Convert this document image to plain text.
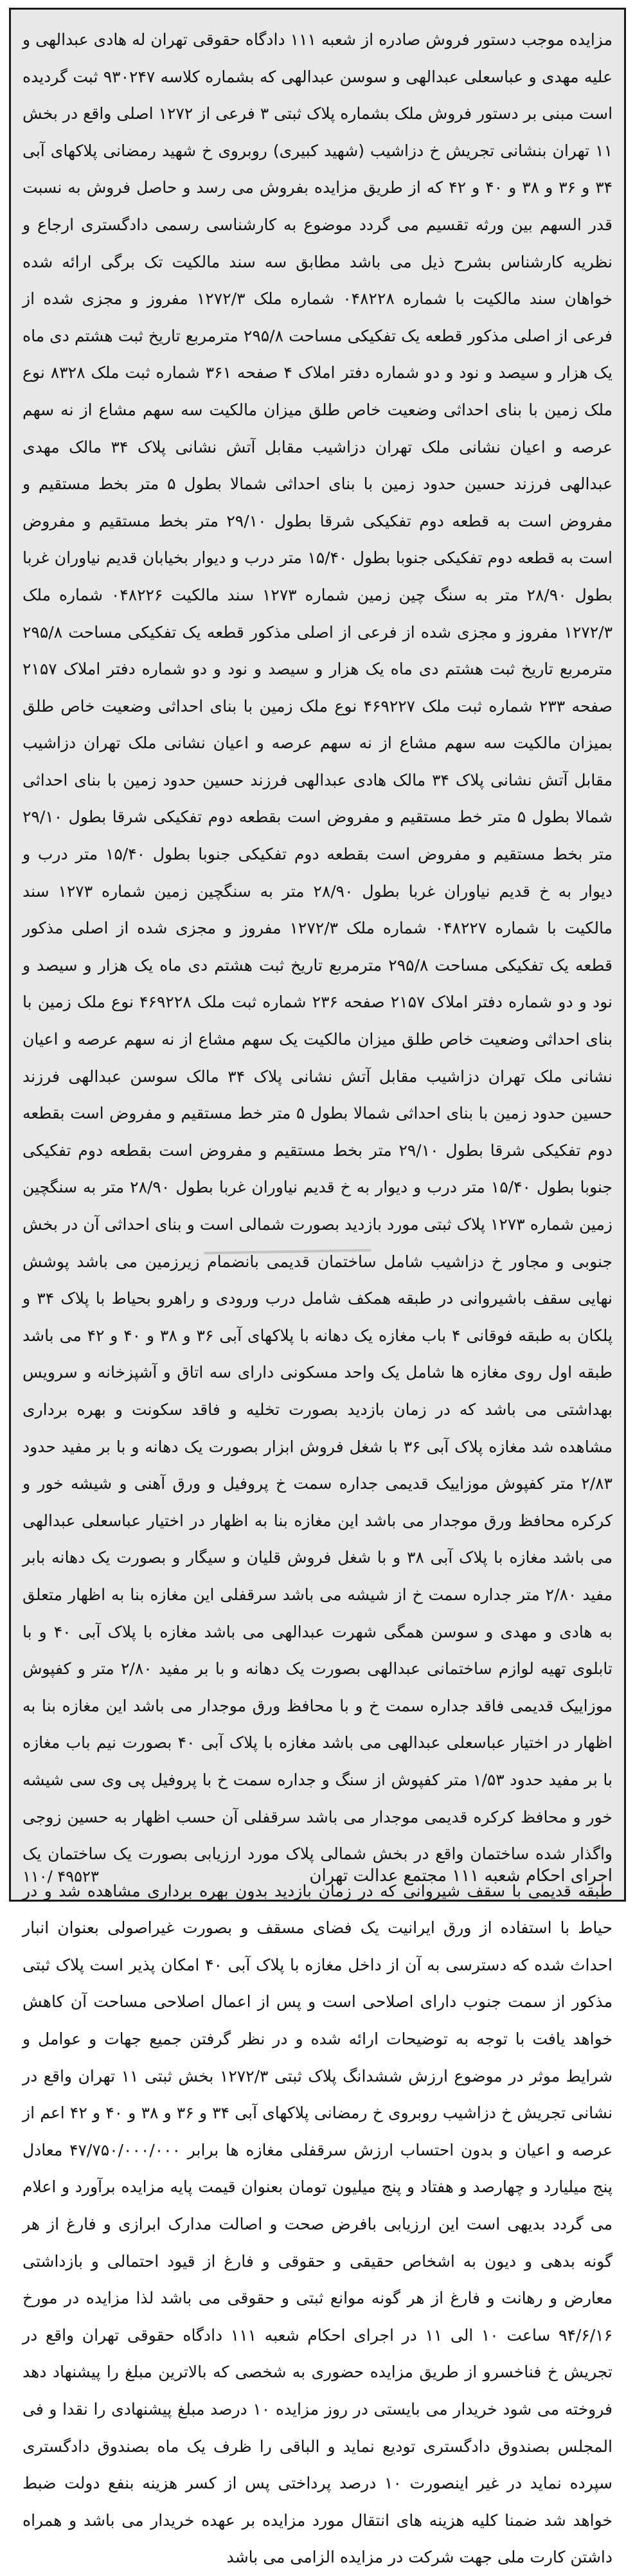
مزایده موجب دستور فروش صادره از شعبه ۱۱۱ دادگاه حقوقی تهران له هادی عبدالهی و علیه مهدی و عباسعلی عبدالهی و سوسن عبدالهی که بشماره کلاسه ۹۳۰۲۴۷ ثبت گردیده است مبنی بر دستور فروش ملک بشماره پلاک ثبتی ۳ فرعی از ۱۲۷۲ اصلی واقع در بخش ۱۱ تهران بنشانی تجریش خ دزاشیب (شهید کبیری) روبروی خ شهید رمضانی پلاکهای آبی ۳۴ و ۳۶ و ۳۸ و ۴۰ و ۴۲ که از طریق مزایده بفروش می رسد و حاصل فروش به نسبت قدر السهم بین ورثه تقسیم می گردد موضوع به کارشناسی رسمی دادگستری ارجاع و نظریه کارشناس بشرح ذیل می باشد مطابق سه سند مالکیت تک برگی ارائه شده خواهان سند مالکیت با شماره ۰۴۸۲۲۸ شماره ملک ۱۲۷۲/۳ مفروز و مجزی شده از فرعی از اصلی مذکور قطعه یک تفکیکی مساحت ۲۹۵/۸ مترمربع تاریخ ثبت هشتم دی ماه یک هزار و سیصد و نود و دو شماره دفتر املاک ۴ صفحه ۳۶۱ شماره ثبت ملک ۸۳۲۸ نوع ملک زمین با بنای احداثی وضعیت خاص طلق میزان مالکیت سه سهم مشاع از نه سهم عرصه و اعیان نشانی ملک تهران دزاشیب مقابل آتش نشانی پلاک ۳۴ مالک مهدی عبدالهی فرزند حسین حدود زمین با بنای احداثی شمالا بطول ۵ متر بخط مستقیم و مفروض است به قطعه دوم تفکیکی شرقا بطول ۲۹/۱۰ متر بخط مستقیم و مفروض است به قطعه دوم تفکیکی جنوبا بطول ۱۵/۴۰ متر درب و دیوار بخیابان قدیم نیاوران غربا بطول ۲۸/۹۰ متر به سنگ چین زمین شماره ۱۲۷۳ سند مالکیت ۰۴۸۲۲۶ شماره ملک ۱۲۷۲/۳ مفروز و مجزی شده از فرعی از اصلی مذکور قطعه یک تفکیکی مساحت ۲۹۵/۸ مترمربع تاریخ ثبت هشتم دی ماه یک هزار و سیصد و نود و دو شماره دفتر املاک ۲۱۵۷ صفحه ۲۳۳ شماره ثبت ملک ۴۶۹۲۲۷ نوع ملک زمین با بنای احداثی وضعیت خاص طلق بمیزان مالکیت سه سهم مشاع از نه سهم عرصه و اعیان نشانی ملک تهران دزاشیب مقابل آتش نشانی پلاک ۳۴ مالک هادی عبدالهی فرزند حسین حدود زمین با بنای احداثی شمالا بطول ۵ متر خط مستقیم و مفروض است بقطعه دوم تفکیکی شرقا بطول ۲۹/۱۰ متر بخط مستقیم و مفروض است بقطعه دوم تفکیکی جنوبا بطول ۱۵/۴۰ متر درب و دیوار به خ قدیم نیاوران غربا بطول ۲۸/۹۰ متر به سنگچین زمین شماره ۱۲۷۳ سند مالکیت با شماره ۰۴۸۲۲۷ شماره ملک ۱۲۷۲/۳ مفروز و مجزی شده از اصلی مذکور قطعه یک تفکیکی مساحت ۲۹۵/۸ مترمربع تاریخ ثبت هشتم دی ماه یک هزار و سیصد و نود و دو شماره دفتر املاک ۲۱۵۷ صفحه ۲۳۶ شماره ثبت ملک ۴۶۹۲۲۸ نوع ملک زمین با بنای احداثی وضعیت خاص طلق میزان مالکیت یک سهم مشاع از نه سهم عرصه و اعیان نشانی ملک تهران دزاشیب مقابل آتش نشانی پلاک ۳۴ مالک سوسن عبدالهی فرزند حسین حدود زمین با بنای احداثی شمالا بطول ۵ متر خط مستقیم و مفروض است بقطعه دوم تفکیکی شرقا بطول ۲۹/۱۰ متر بخط مستقیم و مفروض است بقطعه دوم تفکیکی جنوبا بطول ۱۵/۴۰ متر درب و دیوار به خ قدیم نیاوران غربا بطول ۲۸/۹۰ متر به سنگچین زمین شماره ۱۲۷۳ پلاک ثبتی مورد بازدید بصورت شمالی است و بنای احداثی آن در بخش جنوبی و مجاور خ دزاشیب شامل ساختمان قدیمی بانضمام زیرزمین می باشد پوشش نهایی سقف باشیروانی در طبقه همکف شامل درب ورودی و راهرو بحیاط با پلاک ۳۴ و پلکان به طبقه فوقانی ۴ باب مغازه یک دهانه با پلاکهای آبی ۳۶ و ۳۸ و ۴۰ و ۴۲ می باشد طبقه اول روی مغازه ها شامل یک واحد مسکونی دارای سه اتاق و آشپزخانه و سرویس بهداشتی می باشد که در زمان بازدید بصورت تخلیه و فاقد سکونت و بهره برداری مشاهده شد مغازه پلاک آبی ۳۶ با شغل فروش ابزار بصورت یک دهانه و با بر مفید حدود ۲/۸۳ متر کفپوش موزاییک قدیمی جداره سمت خ پروفیل و ورق آهنی و شیشه خور و کرکره محافظ ورق موجدار می باشد این مغازه بنا به اظهار در اختیار عباسعلی عبدالهی می باشد مغازه با پلاک آبی ۳۸ و با شغل فروش قلیان و سیگار و بصورت یک دهانه بابر مفید ۲/۸۰ متر جداره سمت خ از شیشه می باشد سرقفلی این مغازه بنا به اظهار متعلق به هادی و مهدی و سوسن همگی شهرت عبدالهی می باشد مغازه با پلاک آبی ۴۰ و با تابلوی تهیه لوازم ساختمانی عبدالهی بصورت یک دهانه و با بر مفید ۲/۸۰ متر و کفپوش موزاییک قدیمی فاقد جداره سمت خ و با محافظ ورق موجدار می باشد این مغازه بنا به اظهار در اختیار عباسعلی عبدالهی می باشد مغازه با پلاک آبی ۴۰ بصورت نیم باب مغازه با بر مفید حدود ۱/۵۳ متر کفپوش از سنگ و جداره سمت خ با پروفیل پی وی سی شیشه خور و محافظ کرکره قدیمی موجدار می باشد سرقفلی آن حسب اظهار به حسین زوجی واگذار شده ساختمان واقع در بخش شمالی پلاک مورد ارزیابی بصورت یک ساختمان یک طبقه قدیمی با سقف شیروانی که در زمان بازدید بدون بهره برداری مشاهده شد و در حیاط با استفاده از ورق ایرانیت یک فضای مسقف و بصورت غیراصولی بعنوان انبار احداث شده که دسترسی به آن از داخل مغازه با پلاک آبی ۴۰ امکان پذیر است پلاک ثبتی مذکور از سمت جنوب دارای اصلاحی است و پس از اعمال اصلاحی مساحت آن کاهش خواهد یافت با توجه به توضیحات ارائه شده و در نظر گرفتن جمیع جهات و عوامل و شرایط موثر در موضوع ارزش ششدانگ پلاک ثبتی ۱۲۷۲/۳ بخش ثبتی ۱۱ تهران واقع در نشانی تجریش خ دزاشیب روبروی خ رمضانی پلاکهای آبی ۳۴ و ۳۶ و ۳۸ و ۴۰ و ۴۲ اعم از عرصه و اعیان و بدون احتساب ارزش سرقفلی مغازه ها برابر ۴۷/۷۵۰/۰۰۰/۰۰۰ معادل پنج میلیارد و چهارصد و هفتاد و پنج میلیون تومان بعنوان قیمت پایه مزایده برآورد و اعلام می گردد بدیهی است این ارزیابی بافرض صحت و اصالت مدارک ابرازی و فارغ از هر گونه بدهی و دیون به اشخاص حقیقی و حقوقی و فارغ از قیود احتمالی و بازداشتی معارض و رهانت و فارغ از هر گونه موانع ثبتی و حقوقی می باشد لذا مزایده در مورخ ۹۴/۶/۱۶ ساعت ۱۰ الی ۱۱ در اجرای احکام شعبه ۱۱۱ دادگاه حقوقی تهران واقع در تجریش خ فناخسرو از طریق مزایده حضوری به شخصی که بالاترین مبلغ را پیشنهاد دهد فروخته می شود خریدار می بایستی در روز مزایده ۱۰ درصد مبلغ پیشنهادی را نقدا و فی المجلس بصندوق دادگستری تودیع نماید و الباقی را ظرف یک ماه بصندوق دادگستری سپرده نماید در غیر اینصورت ۱۰ درصد پرداختی پس از کسر هزینه بنفع دولت ضبط خواهد شد ضمنا کلیه هزینه های انتقال مورد مزایده بر عهده خریدار می باشد و همراه داشتن کارت ملی جهت شرکت در مزایده الزامی می باشد

اجرای احکام شعبه ۱۱۱ مجتمع عدالت تهران
۱۱۰/ ۴۹۵۲۳
